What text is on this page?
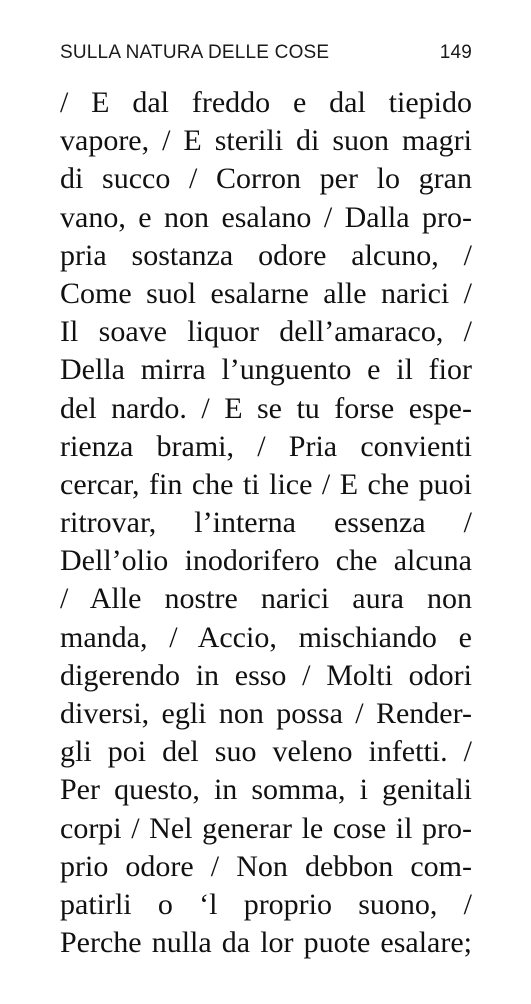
SULLA NATURA DELLE COSE	149
/ E dal freddo e dal tiepido
vapore, / E sterili di suon magri
di succo / Corron per lo gran
vano, e non esalano / Dalla pro-
pria sostanza odore alcuno, /
Come suol esalarne alle narici /
Il soave liquor dell’amaraco, /
Della mirra l’unguento e il fior
del nardo. / E se tu forse espe-
rienza brami, / Pria convienti
cercar, fin che ti lice / E che puoi
ritrovar, l’interna essenza /
Dell’olio inodorifero che alcuna
/ Alle nostre narici aura non
manda, / Accio, mischiando e
digerendo in esso / Molti odori
diversi, egli non possa / Render-
gli poi del suo veleno infetti. /
Per questo, in somma, i genitali
corpi / Nel generar le cose il pro-
prio odore / Non debbon com-
patirli o ‘l proprio suono, /
Perche nulla da lor puote esalare;
